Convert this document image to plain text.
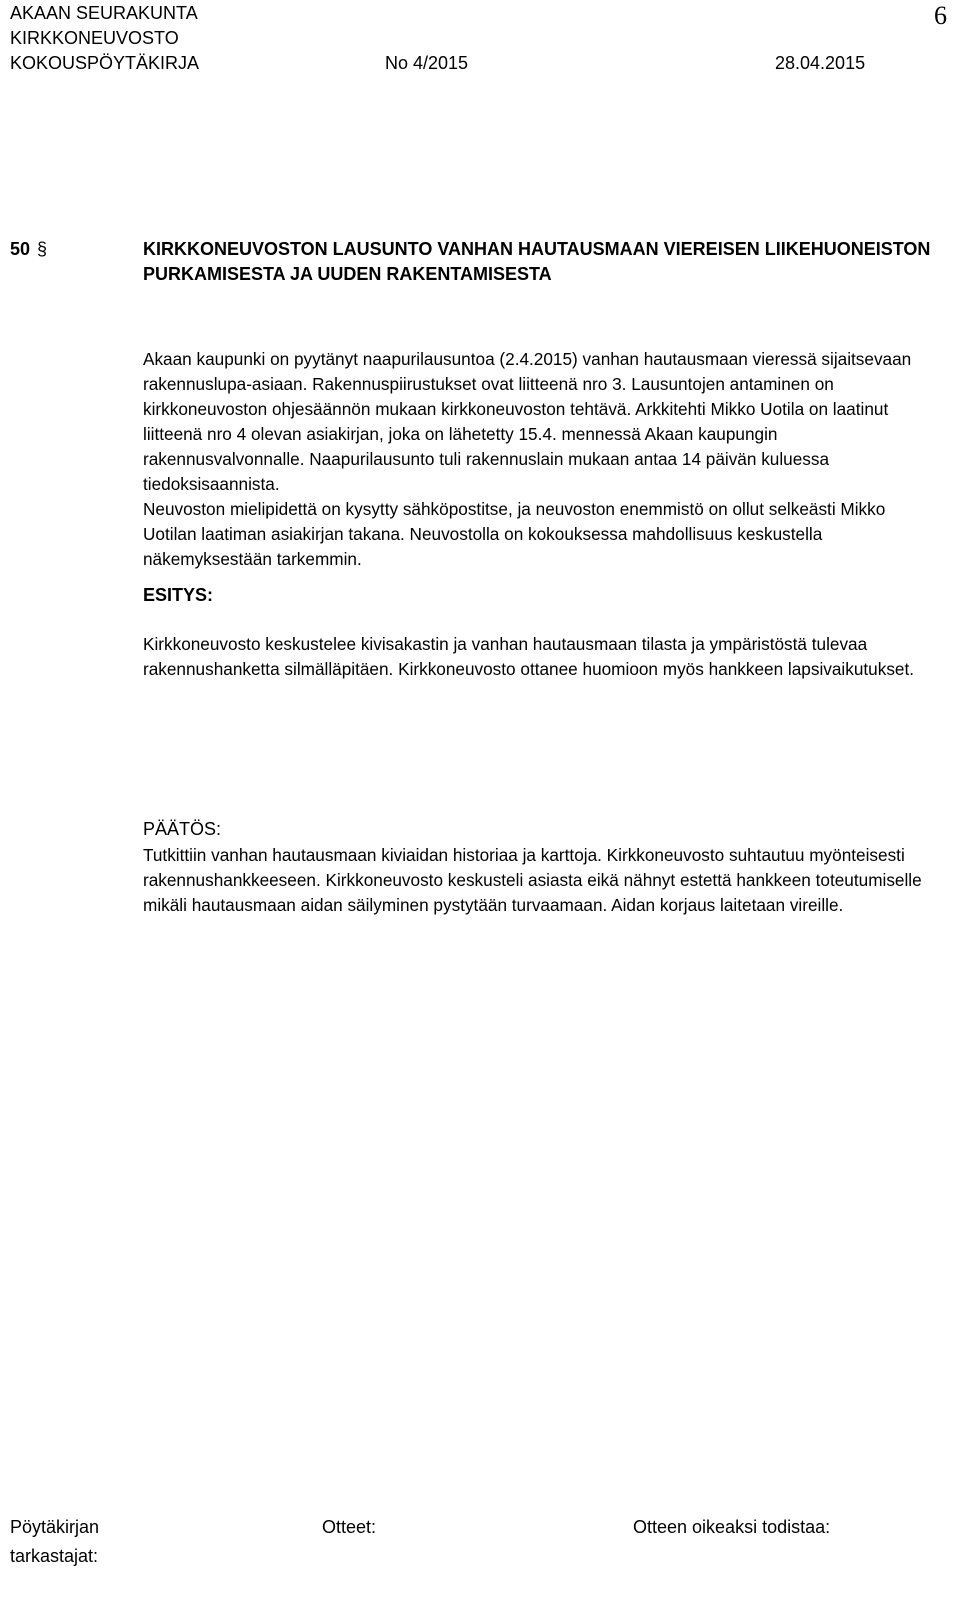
AKAAN SEURAKUNTA
KIRKKONEUVOSTO
KOKOUSPÖYTÄKIRJA	No 4/2015	28.04.2015
6
50 §	KIRKKONEUVOSTON LAUSUNTO VANHAN HAUTAUSMAAN VIEREISEN LIIKEHUONEISTON PURKAMISESTA JA UUDEN RAKENTAMISESTA

Akaan kaupunki on pyytänyt naapurilausuntoa (2.4.2015) vanhan hautausmaan vieressä sijaitsevaan rakennuslupa-asiaan. Rakennuspiirustukset ovat liitteenä nro 3. Lausuntojen antaminen on kirkkoneuvoston ohjesäännön mukaan kirkkoneuvoston tehtävä. Arkkitehti Mikko Uotila on laatinut liitteenä nro 4 olevan asiakirjan, joka on lähetetty 15.4. mennessä Akaan kaupungin rakennusvalvonnalle. Naapurilausunto tuli rakennuslain mukaan antaa 14 päivän kuluessa tiedoksisaannista.

Neuvoston mielipidettä on kysytty sähköpostitse, ja neuvoston enemmistö on ollut selkeästi Mikko Uotilan laatiman asiakirjan takana. Neuvostolla on kokouksessa mahdollisuus keskustella näkemyksestään tarkemmin.

ESITYS:
Kirkkoneuvosto keskustelee kivisakastin ja vanhan hautausmaan tilasta ja ympäristöstä tulevaa rakennushanketta silmälläpitäen. Kirkkoneuvosto ottanee huomioon myös hankkeen lapsivaikutukset.
PÄÄTÖS:
Tutkittiin vanhan hautausmaan kiviaidan historiaa ja karttoja. Kirkkoneuvosto suhtautuu myönteisesti rakennushankkeeseen. Kirkkoneuvosto keskusteli asiasta eikä nähnyt estettä hankkeen toteutumiselle mikäli hautausmaan aidan säilyminen pystytään turvaamaan. Aidan korjaus laitetaan vireille.
Pöytäkirjan
tarkastajat:
Otteet:	Otteen oikeaksi todistaa:
